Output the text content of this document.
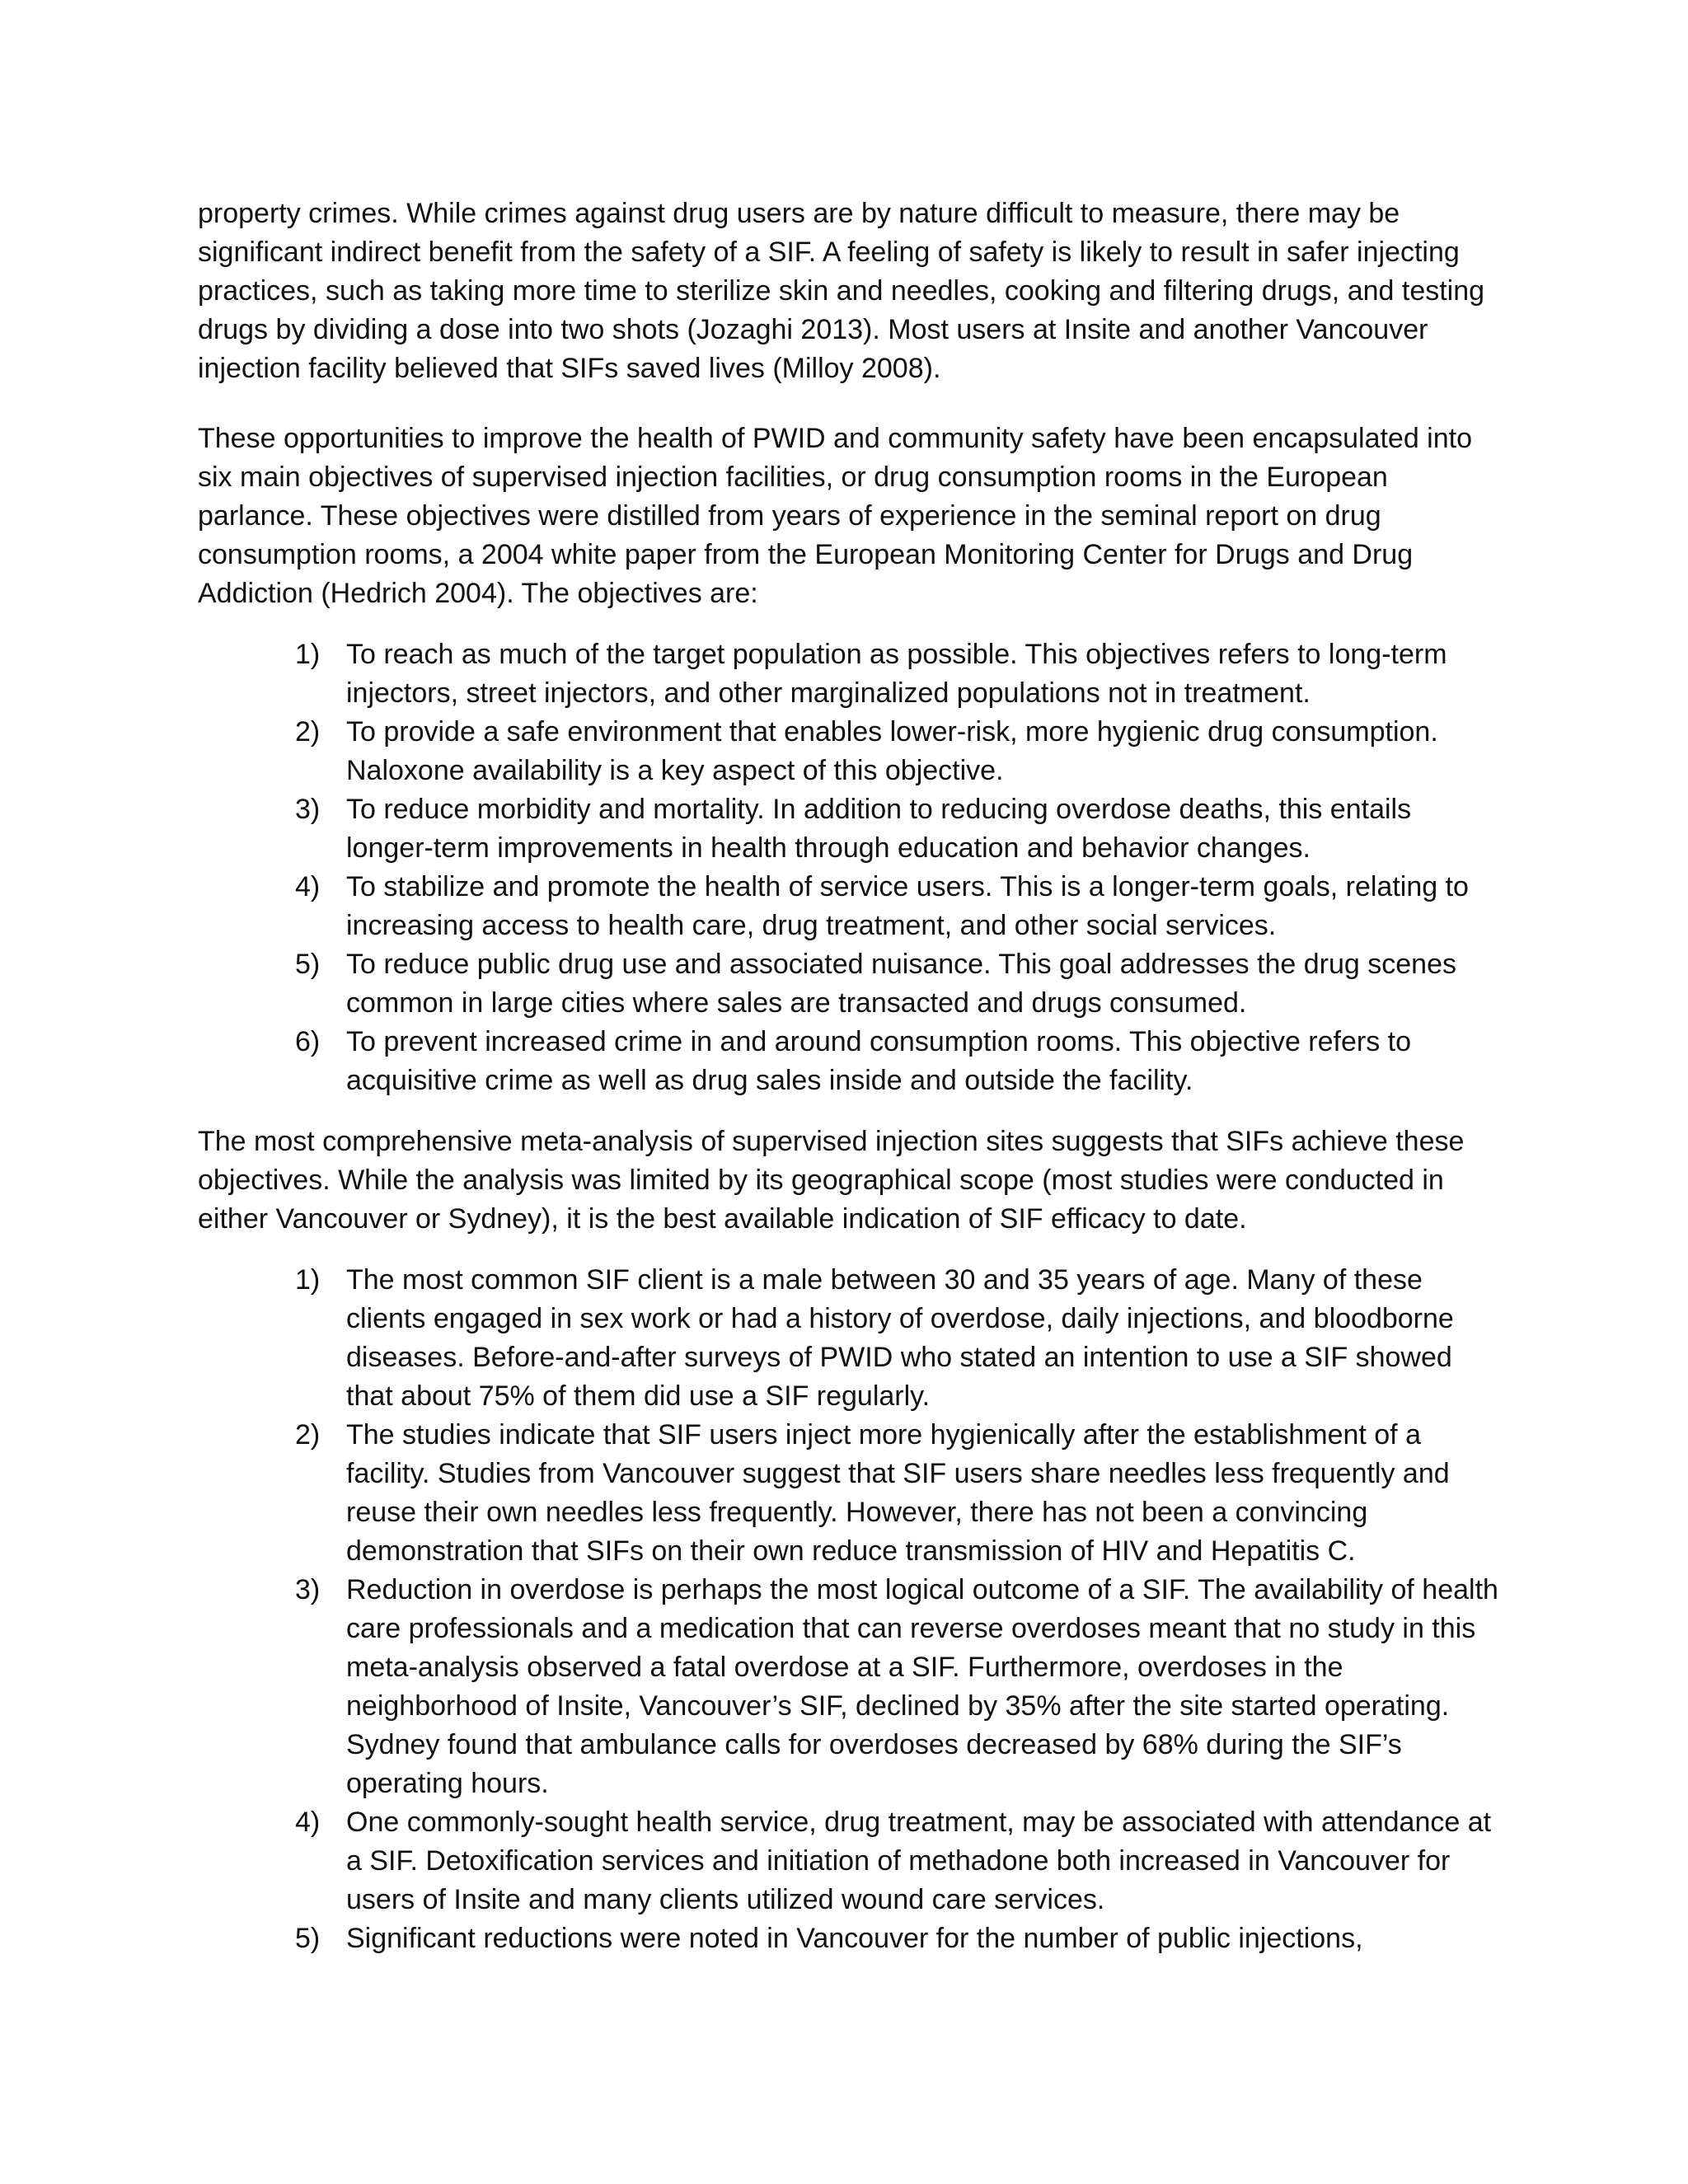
property crimes. While crimes against drug users are by nature difficult to measure, there may be significant indirect benefit from the safety of a SIF. A feeling of safety is likely to result in safer injecting practices, such as taking more time to sterilize skin and needles, cooking and filtering drugs, and testing drugs by dividing a dose into two shots (Jozaghi 2013). Most users at Insite and another Vancouver injection facility believed that SIFs saved lives (Milloy 2008).

These opportunities to improve the health of PWID and community safety have been encapsulated into six main objectives of supervised injection facilities, or drug consumption rooms in the European parlance. These objectives were distilled from years of experience in the seminal report on drug consumption rooms, a 2004 white paper from the European Monitoring Center for Drugs and Drug Addiction (Hedrich 2004). The objectives are:

1) To reach as much of the target population as possible. This objectives refers to long-term injectors, street injectors, and other marginalized populations not in treatment.
2) To provide a safe environment that enables lower-risk, more hygienic drug consumption. Naloxone availability is a key aspect of this objective.
3) To reduce morbidity and mortality. In addition to reducing overdose deaths, this entails longer-term improvements in health through education and behavior changes.
4) To stabilize and promote the health of service users. This is a longer-term goals, relating to increasing access to health care, drug treatment, and other social services.
5) To reduce public drug use and associated nuisance. This goal addresses the drug scenes common in large cities where sales are transacted and drugs consumed.
6) To prevent increased crime in and around consumption rooms. This objective refers to acquisitive crime as well as drug sales inside and outside the facility.

The most comprehensive meta-analysis of supervised injection sites suggests that SIFs achieve these objectives. While the analysis was limited by its geographical scope (most studies were conducted in either Vancouver or Sydney), it is the best available indication of SIF efficacy to date.

1) The most common SIF client is a male between 30 and 35 years of age. Many of these clients engaged in sex work or had a history of overdose, daily injections, and bloodborne diseases. Before-and-after surveys of PWID who stated an intention to use a SIF showed that about 75% of them did use a SIF regularly.
2) The studies indicate that SIF users inject more hygienically after the establishment of a facility. Studies from Vancouver suggest that SIF users share needles less frequently and reuse their own needles less frequently. However, there has not been a convincing demonstration that SIFs on their own reduce transmission of HIV and Hepatitis C.
3) Reduction in overdose is perhaps the most logical outcome of a SIF. The availability of health care professionals and a medication that can reverse overdoses meant that no study in this meta-analysis observed a fatal overdose at a SIF. Furthermore, overdoses in the neighborhood of Insite, Vancouver’s SIF, declined by 35% after the site started operating. Sydney found that ambulance calls for overdoses decreased by 68% during the SIF’s operating hours.
4) One commonly-sought health service, drug treatment, may be associated with attendance at a SIF. Detoxification services and initiation of methadone both increased in Vancouver for users of Insite and many clients utilized wound care services.
5) Significant reductions were noted in Vancouver for the number of public injections,
